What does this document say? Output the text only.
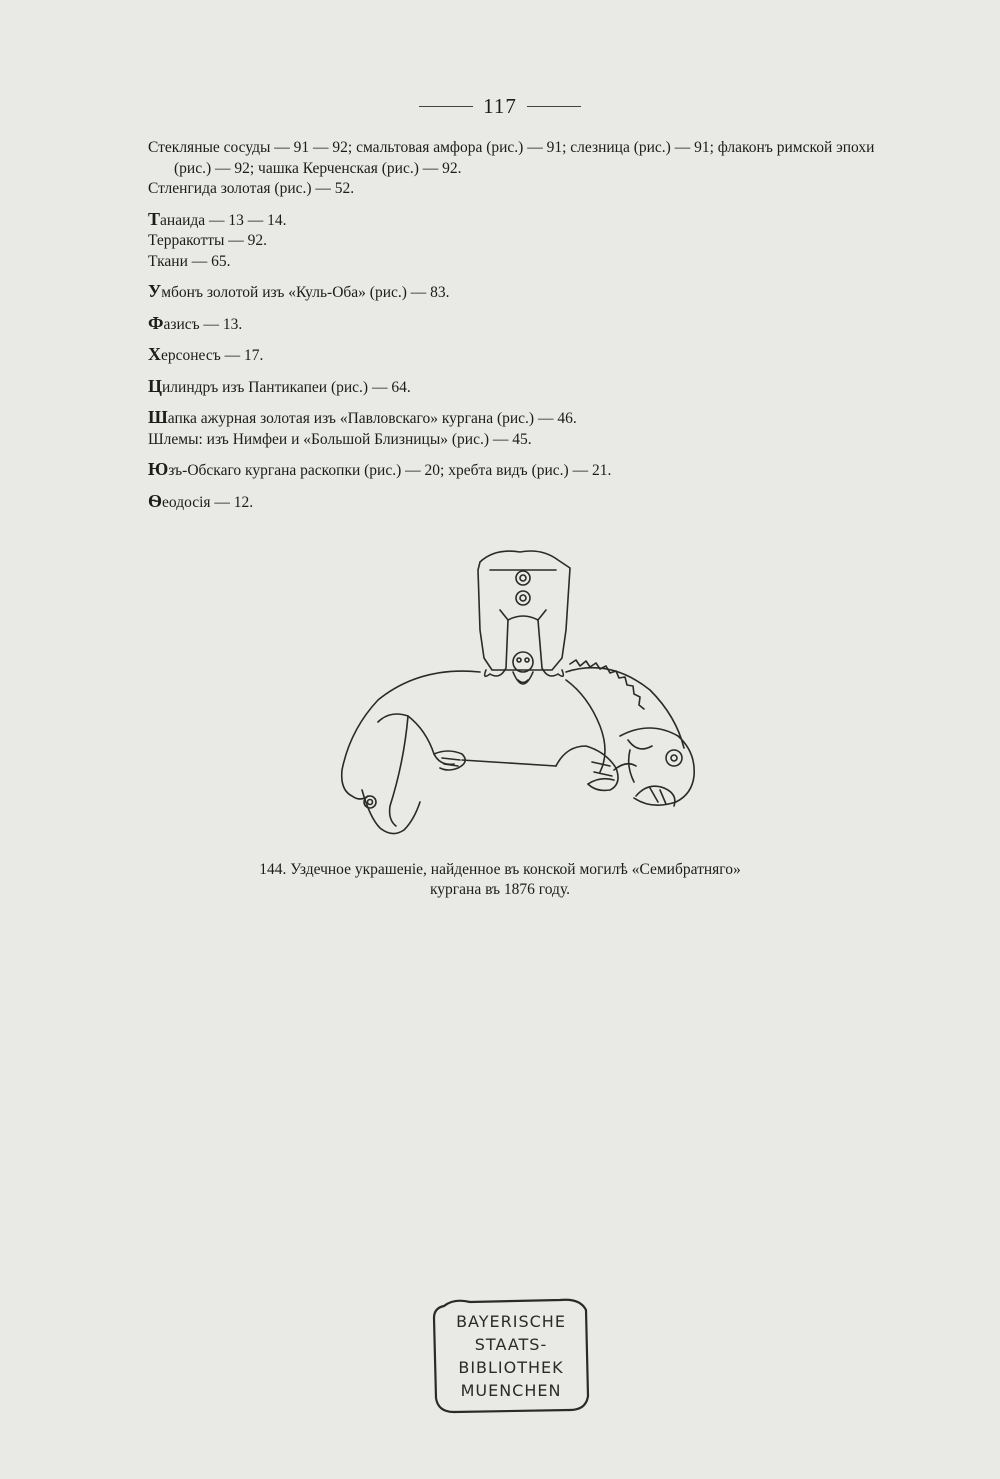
117

Стекляные сосуды — 91 — 92; смальтовая амфора (рис.) — 91; слезница (рис.) — 91; флаконъ римской эпохи (рис.) — 92; чашка Керченская (рис.) — 92.

Стленгида золотая (рис.) — 52.

Танаида — 13 — 14.

Терракотты — 92.

Ткани — 65.

Умбонъ золотой изъ «Куль-Оба» (рис.) — 83.

Фазисъ — 13.

Херсонесъ — 17.

Цилиндръ изъ Пантикапеи (рис.) — 64.

Шапка ажурная золотая изъ «Павловскаго» кургана (рис.) — 46.

Шлемы: изъ Нимфеи и «Большой Близницы» (рис.) — 45.

Юзъ-Обскаго кургана раскопки (рис.) — 20; хребта видъ (рис.) — 21.

Ѳеодосія — 12.

144. Уздечное украшеніе, найденное въ конской могилѣ «Семибратняго»
кургана въ 1876 году.
BAYERISCHE
STAATS-
BIBLIOTHEK
MUENCHEN
